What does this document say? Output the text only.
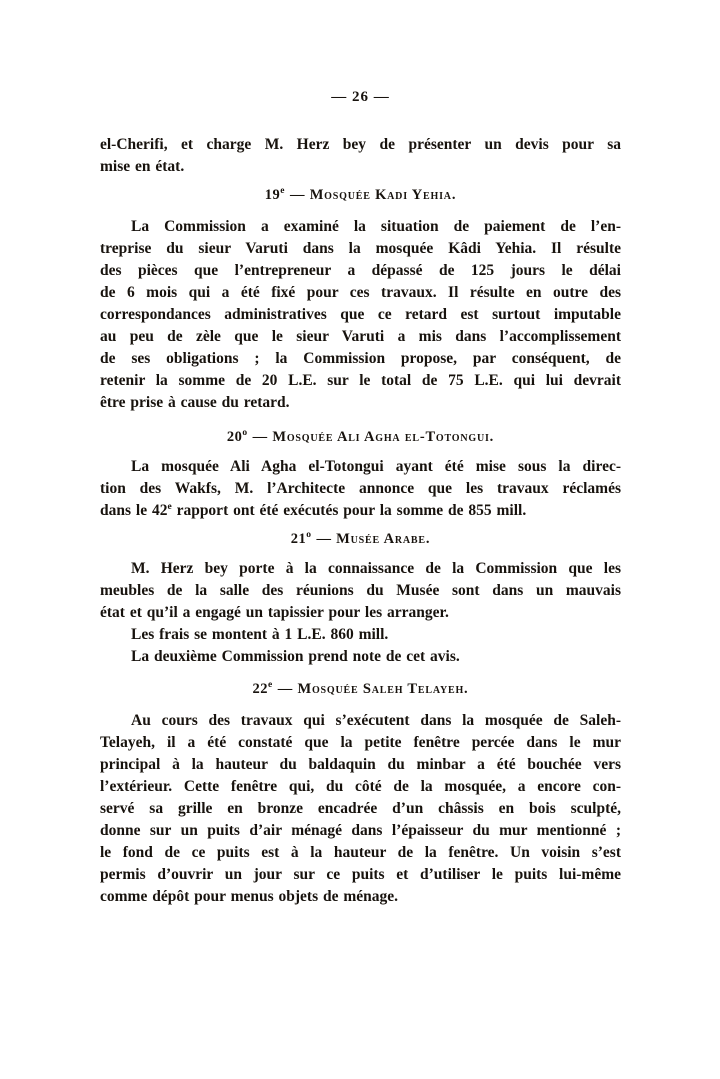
— 26 —
el-Cherifi, et charge M. Herz bey de présenter un devis pour sa
mise en état.
19e — Mosquée Kadi Yehia.
La Commission a examiné la situation de paiement de l’en-
treprise du sieur Varuti dans la mosquée Kâdi Yehia. Il résulte
des pièces que l’entrepreneur a dépassé de 125 jours le délai
de 6 mois qui a été fixé pour ces travaux. Il résulte en outre des
correspondances administratives que ce retard est surtout imputable
au peu de zèle que le sieur Varuti a mis dans l’accomplissement
de ses obligations ; la Commission propose, par conséquent, de
retenir la somme de 20 L.E. sur le total de 75 L.E. qui lui devrait
être prise à cause du retard.
20$^o$ — Mosquée Ali Agha el-Totongui.
La mosquée Ali Agha el-Totongui ayant été mise sous la direc-
tion des Wakfs, M. l’Architecte annonce que les travaux réclamés
dans le 42e rapport ont été exécutés pour la somme de 855 mill.
21$^o$ — Musée Arabe.
M. Herz bey porte à la connaissance de la Commission que les
meubles de la salle des réunions du Musée sont dans un mauvais
état et qu’il a engagé un tapissier pour les arranger.
Les frais se montent à 1 L.E. 860 mill.
La deuxième Commission prend note de cet avis.
22e — Mosquée Saleh Telayeh.
Au cours des travaux qui s’exécutent dans la mosquée de Saleh-
Telayeh, il a été constaté que la petite fenêtre percée dans le mur
principal à la hauteur du baldaquin du minbar a été bouchée vers
l’extérieur. Cette fenêtre qui, du côté de la mosquée, a encore con-
servé sa grille en bronze encadrée d’un châssis en bois sculpté,
donne sur un puits d’air ménagé dans l’épaisseur du mur mentionné ;
le fond de ce puits est à la hauteur de la fenêtre. Un voisin s’est
permis d’ouvrir un jour sur ce puits et d’utiliser le puits lui-même
comme dépôt pour menus objets de ménage.
